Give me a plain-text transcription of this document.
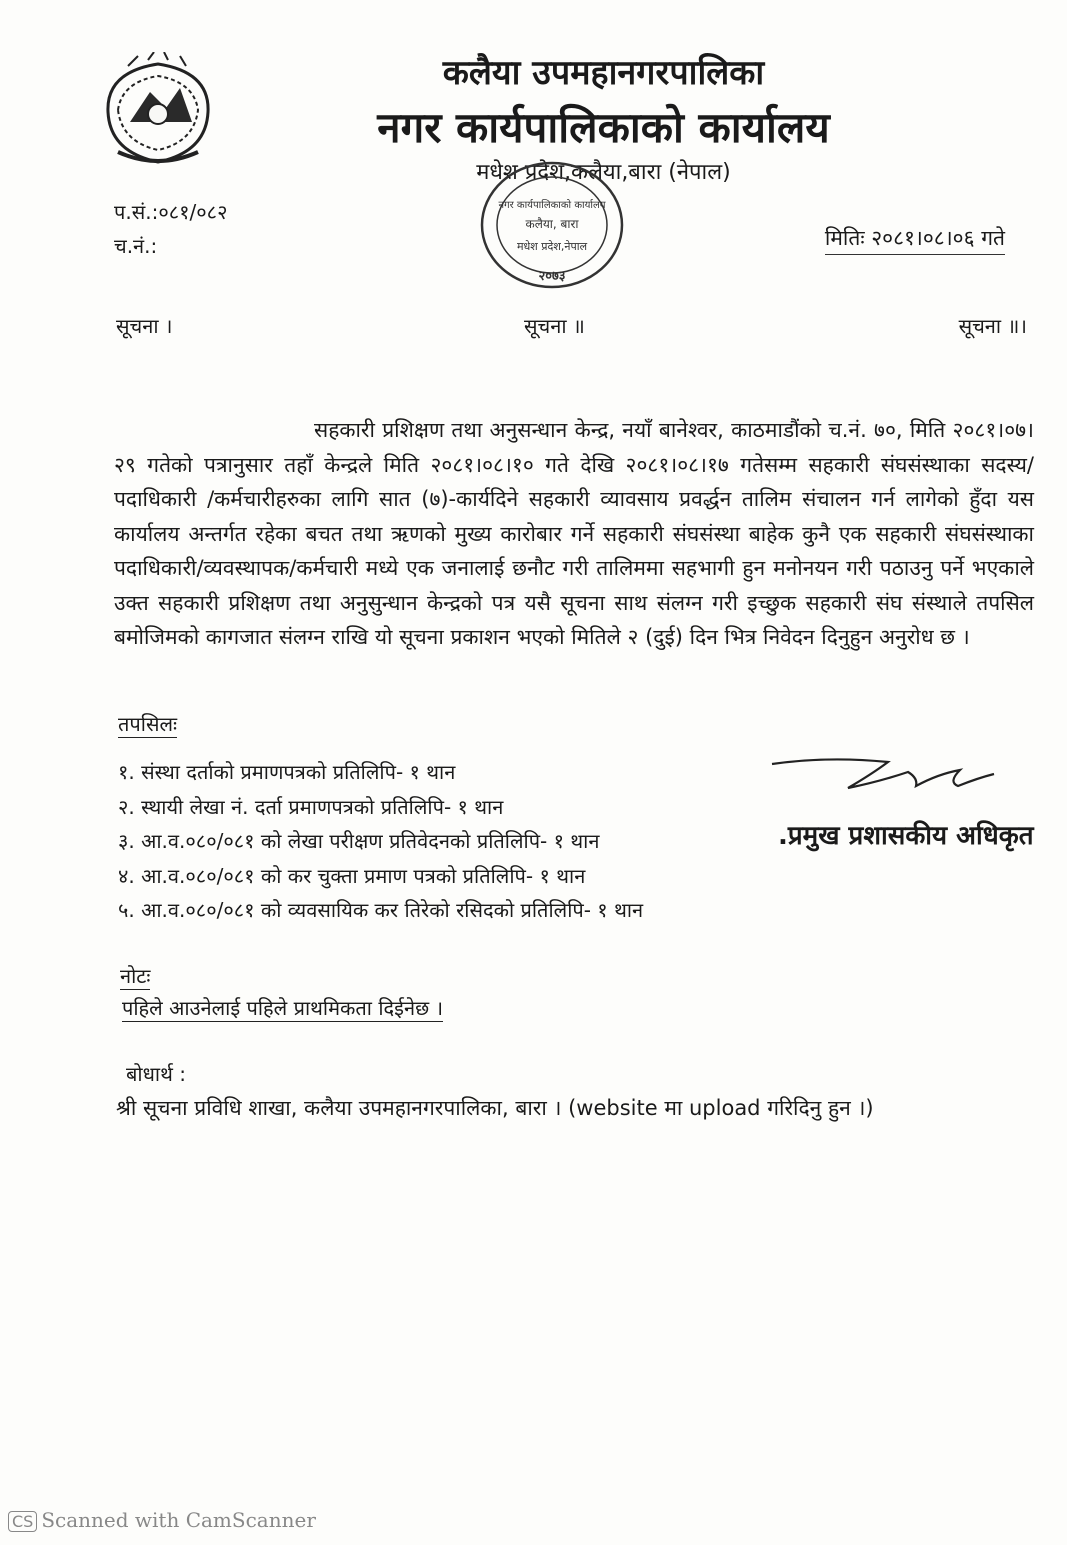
कलैया उपमहानगरपालिका
नगर कार्यपालिकाको कार्यालय
मधेश प्रदेश,कलैया,बारा (नेपाल)
प.सं.:०८१/०८२
च.नं.:	मितिः २०८१।०८।०६ गते
नगर कार्यपालिकाको कार्यालय
कलैया, बारा
मधेश प्रदेश,नेपाल
२०७३
सूचना ।	सूचना ॥	सूचना ॥।
सहकारी प्रशिक्षण तथा अनुसन्धान केन्द्र, नयाँ बानेश्वर, काठमाडौंको च.नं. ७०, मिति २०८१।०७।२९ गतेको पत्रानुसार तहाँ केन्द्रले मिति २०८१।०८।१० गते देखि २०८१।०८।१७ गतेसम्म सहकारी संघसंस्थाका सदस्य/पदाधिकारी /कर्मचारीहरुका लागि सात (७)-कार्यदिने सहकारी व्यावसाय प्रवर्द्धन तालिम संचालन गर्न लागेको हुँदा यस कार्यालय अन्तर्गत रहेका बचत तथा ऋणको मुख्य कारोबार गर्ने सहकारी संघसंस्था बाहेक कुनै एक सहकारी संघसंस्थाका पदाधिकारी/व्यवस्थापक/कर्मचारी मध्ये एक जनालाई छनौट गरी तालिममा सहभागी हुन मनोनयन गरी पठाउनु पर्ने भएकाले उक्त सहकारी प्रशिक्षण तथा अनुसुन्धान केन्द्रको पत्र यसै सूचना साथ संलग्न गरी इच्छुक सहकारी संघ संस्थाले तपसिल बमोजिमको कागजात संलग्न राखि यो सूचना प्रकाशन भएको मितिले २ (दुई) दिन भित्र निवेदन दिनुहुन अनुरोध छ ।
तपसिलः
१. संस्था दर्ताको प्रमाणपत्रको प्रतिलिपि- १ थान
२. स्थायी लेखा नं. दर्ता प्रमाणपत्रको प्रतिलिपि- १ थान
३. आ.व.०८०/०८१ को लेखा परीक्षण प्रतिवेदनको प्रतिलिपि- १ थान
४. आ.व.०८०/०८१ को कर चुक्ता प्रमाण पत्रको प्रतिलिपि- १ थान
५. आ.व.०८०/०८१ को व्यवसायिक कर तिरेको रसिदको प्रतिलिपि- १ थान
.प्रमुख प्रशासकीय अधिकृत
नोटः
पहिले आउनेलाई पहिले प्राथमिकता दिईनेछ ।
बोधार्थ :
श्री सूचना प्रविधि शाखा, कलैया उपमहानगरपालिका, बारा । (website मा upload गरिदिनु हुन ।)
CS Scanned with CamScanner
